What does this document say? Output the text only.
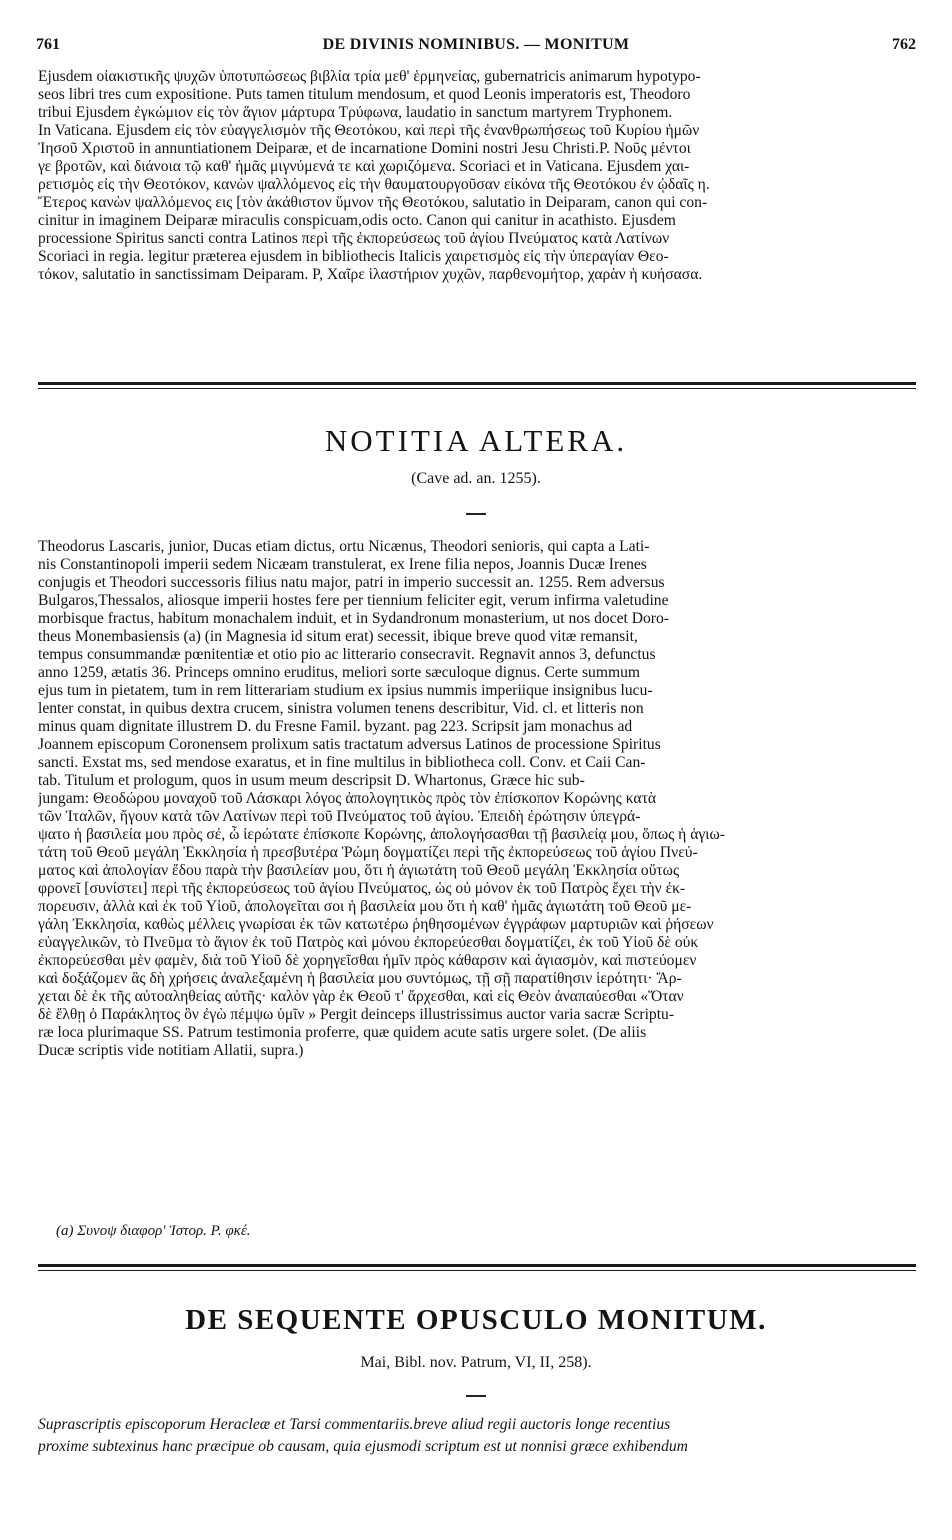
761	DE DIVINIS NOMINIBUS. — MONITUM	762
Ejusdem οἰακιστικῆς ψυχῶν ὑποτυπώσεως βιβλία τρία μεθ' ἑρμηνείας, gubernatricis animarum hypotypo-
seos libri tres cum expositione. Puts tamen titulum mendosum, et quod Leonis imperatoris est, Theodoro
tribui Ejusdem ἐγκώμιον εἰς τὸν ἅγιον μάρτυρα Τρύφωνα, laudatio in sanctum martyrem Tryphonem.
In Vaticana. Ejusdem εἰς τὸν εὐαγγελισμὸν τῆς Θεοτόκου, καὶ περὶ τῆς ἐνανθρωπήσεως τοῦ Κυρίου ἡμῶν
Ἰησοῦ Χριστοῦ in annuntiationem Deiparæ, et de incarnatione Domini nostri Jesu Christi.P. Νοῦς μέντοι
γε βροτῶν, καὶ διάνοια τῷ καθ' ἡμᾶς μιγνύμενά τε καὶ χωριζόμενα. Scoriaci et in Vaticana. Ejusdem χαι-
ρετισμὸς εἰς τὴν Θεοτόκον, κανὼν ψαλλόμενος εἰς τὴν θαυματουργοῦσαν εἰκόνα τῆς Θεοτόκου ἐν ᾠδαῖς η.
Ἕτερος κανὼν ψαλλόμενος εις [τὸν ἀκάθιστον ὕμνον τῆς Θεοτόκου, salutatio in Deiparam, canon qui con-
cinitur in imaginem Deiparæ miraculis conspicuam,odis octo. Canon qui canitur in acathisto. Ejusdem
processione Spiritus sancti contra Latinos περὶ τῆς ἐκπορεύσεως τοῦ ἁγίου Πνεύματος κατὰ Λατίνων
Scoriaci in regia. legitur præterea ejusdem in bibliothecis Italicis χαιρετισμὸς εἰς τὴν ὑπεραγίαν Θεο-
τόκον, salutatio in sanctissimam Deiparam. P, Χαῖρε ἱλαστήριον χυχῶν, παρθενομήτορ, χαρὰν ἡ κυήσασα.
NOTITIA ALTERA.
(Cave ad. an. 1255).
Theodorus Lascaris, junior, Ducas etiam dictus, ortu Nicænus, Theodori senioris, qui capta a Lati-
nis Constantinopoli imperii sedem Nicæam transtulerat, ex Irene filia nepos, Joannis Ducæ Irenes
conjugis et Theodori successoris filius natu major, patri in imperio successit an. 1255. Rem adversus
Bulgaros,Thessalos, aliosque imperii hostes fere per tiennium feliciter egit, verum infirma valetudine
morbisque fractus, habitum monachalem induit, et in Sydandronum monasterium, ut nos docet Doro-
theus Monembasiensis (a) (in Magnesia id situm erat) secessit, ibique breve quod vitæ remansit,
tempus consummandæ pœnitentiæ et otio pio ac litterario consecravit. Regnavit annos 3, defunctus
anno 1259, ætatis 36. Princeps omnino eruditus, meliori sorte sæculoque dignus. Certe summum
ejus tum in pietatem, tum in rem litterariam studium ex ipsius nummis imperiique insignibus lucu-
lenter constat, in quibus dextra crucem, sinistra volumen tenens describitur, Vid. cl. et litteris non
minus quam dignitate illustrem D. du Fresne Famil. byzant. pag 223. Scripsit jam monachus ad
Joannem episcopum Coronensem prolixum satis tractatum adversus Latinos de processione Spiritus
sancti. Exstat ms, sed mendose exaratus, et in fine multilus in bibliotheca coll. Conv. et Caii Can-
tab. Titulum et prologum, quos in usum meum descripsit D. Whartonus, Græce hic sub-
jungam: Θεοδώρου μοναχοῦ τοῦ Λάσκαρι λόγος ἀπολογητικὸς πρὸς τὸν ἐπίσκοπον Κορώνης κατὰ
τῶν Ἰταλῶν, ἤγουν κατὰ τῶν Λατίνων περὶ τοῦ Πνεύματος τοῦ ἁγίου. Ἐπειδὴ ἐρώτησιν ὑπεγρά-
ψατο ἡ βασιλεία μου πρὸς σέ, ὦ ἱερώτατε ἐπίσκοπε Κορώνης, ἀπολογήσασθαι τῇ βασιλείᾳ μου, ὅπως ἡ ἁγιω-
τάτη τοῦ Θεοῦ μεγάλη Ἐκκλησία ἡ πρεσβυτέρα Ῥώμη δογματίζει περὶ τῆς ἐκπορεύσεως τοῦ ἁγίου Πνεύ-
ματος καὶ ἀπολογίαν ἔδου παρὰ τὴν βασιλείαν μου, ὅτι ἡ ἁγιωτάτη τοῦ Θεοῦ μεγάλη Ἐκκλησία οὕτως
φρονεῖ [συνίστει] περὶ τῆς ἐκπορεύσεως τοῦ ἁγίου Πνεύματος, ὡς οὐ μόνον ἐκ τοῦ Πατρὸς ἔχει τὴν ἐκ-
πορευσιν, ἀλλὰ καὶ ἐκ τοῦ Υἱοῦ, ἀπολογεῖται σοι ἡ βασιλεία μου ὅτι ἡ καθ' ἡμᾶς ἁγιωτάτη τοῦ Θεοῦ με-
γάλη Ἐκκλησία, καθὼς μέλλεις γνωρίσαι ἐκ τῶν κατωτέρω ῥηθησομένων ἐγγράφων μαρτυριῶν καὶ ῥήσεων
εὐαγγελικῶν, τὸ Πνεῦμα τὸ ἅγιον ἐκ τοῦ Πατρὸς καὶ μόνου ἐκπορεύεσθαι δογματίζει, ἐκ τοῦ Υἱοῦ δὲ οὐκ
ἐκπορεύεσθαι μὲν φαμὲν, διὰ τοῦ Υἱοῦ δὲ χορηγεῖσθαι ἡμῖν πρὸς κάθαρσιν καὶ ἁγιασμὸν, καὶ πιστεύομεν
καὶ δοξάζομεν ἃς δὴ χρήσεις ἀναλεξαμένη ἡ βασιλεία μου συντόμως, τῇ σῇ παρατίθησιν ἱερότητι· Ἄρ-
χεται δὲ ἐκ τῆς αὐτοαληθείας αὐτῆς· καλὸν γὰρ ἐκ Θεοῦ τ' ἄρχεσθαι, καὶ εἰς Θεὸν ἀναπαύεσθαι «Ὅταν
δὲ ἔλθῃ ὁ Παράκλητος ὃν ἐγὼ πέμψω ὑμῖν » Pergit deinceps illustrissimus auctor varia sacræ Scriptu-
ræ loca plurimaque SS. Patrum testimonia proferre, quæ quidem acute satis urgere solet. (De aliis
Ducæ scriptis vide notitiam Allatii, supra.)
(a) Συνοψ διαφορ' Ἱστορ. P. φκέ.
DE SEQUENTE OPUSCULO MONITUM.
Mai, Bibl. nov. Patrum, VI, II, 258).
Suprascriptis episcoporum Heracleæ et Tarsi commentariis.breve aliud regii auctoris longe recentius
proxime subtexinus hanc præcipue ob causam, quia ejusmodi scriptum est ut nonnisi græce exhibendum
